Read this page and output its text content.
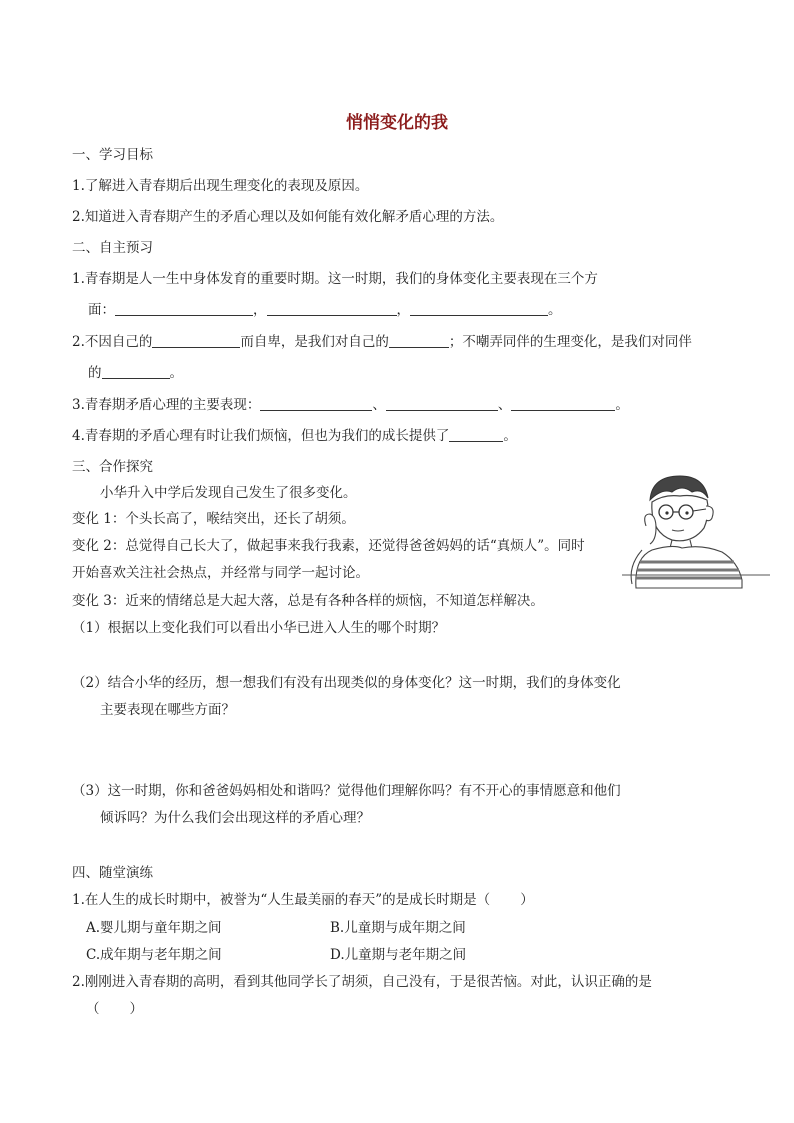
悄悄变化的我
一、学习目标
1.了解进入青春期后出现生理变化的表现及原因。
2.知道进入青春期产生的矛盾心理以及如何能有效化解矛盾心理的方法。
二、自主预习
1.青春期是人一生中身体发育的重要时期。这一时期，我们的身体变化主要表现在三个方
面：	，	，	。
2.不因自己的	而自卑，是我们对自己的	；不嘲弄同伴的生理变化，是我们对同伴
的	。
3.青春期矛盾心理的主要表现：	、	、	。
4.青春期的矛盾心理有时让我们烦恼，但也为我们的成长提供了	。
三、合作探究
小华升入中学后发现自己发生了很多变化。
变化 1：个头长高了，喉结突出，还长了胡须。
变化 2：总觉得自己长大了，做起事来我行我素，还觉得爸爸妈妈的话“真烦人”。同时
开始喜欢关注社会热点，并经常与同学一起讨论。
变化 3：近来的情绪总是大起大落，总是有各种各样的烦恼，不知道怎样解决。
（1）根据以上变化我们可以看出小华已进入人生的哪个时期？
（2）结合小华的经历，想一想我们有没有出现类似的身体变化？这一时期，我们的身体变化
主要表现在哪些方面？
（3）这一时期，你和爸爸妈妈相处和谐吗？觉得他们理解你吗？有不开心的事情愿意和他们
倾诉吗？为什么我们会出现这样的矛盾心理？
四、随堂演练
1.在人生的成长时期中，被誉为“人生最美丽的春天”的是成长时期是（ ）
A.婴儿期与童年期之间	B.儿童期与成年期之间
C.成年期与老年期之间	D.儿童期与老年期之间
2.刚刚进入青春期的高明，看到其他同学长了胡须，自己没有，于是很苦恼。对此，认识正确的是
（ ）
